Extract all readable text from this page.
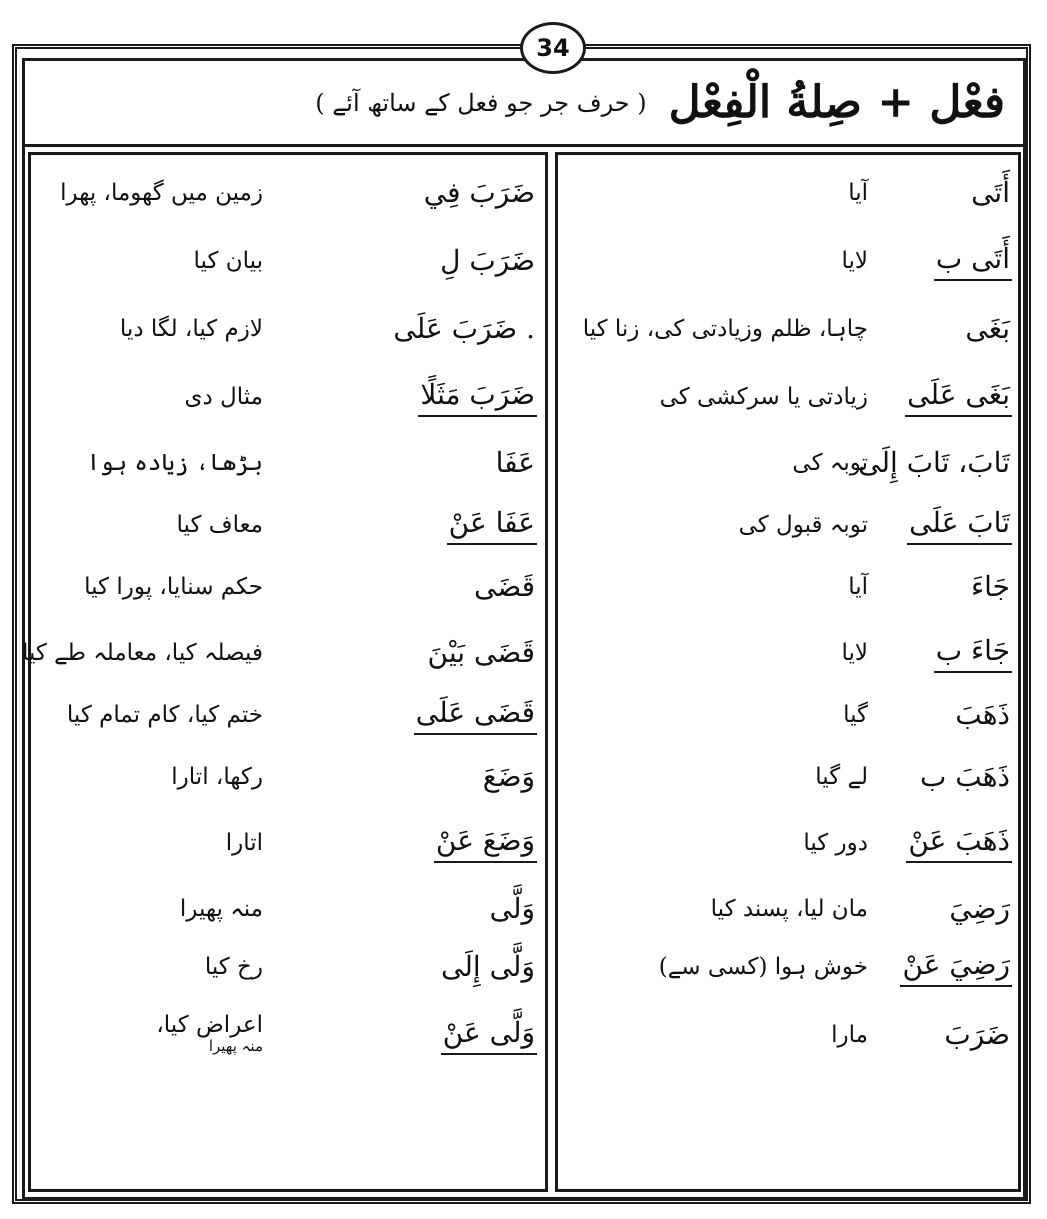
34
فعْل + صِلةُ الْفِعْل
( حرف جر جو فعل کے ساتھ آئے )
أَتَى
آیا
أَتَى ب
لایا
بَغَى
چاہا، ظلم وزیادتی کی، زنا کیا
بَغَى عَلَى
زیادتی یا سرکشی کی
تَابَ، تَابَ إِلَى
توبہ کی
تَابَ عَلَى
توبہ قبول کی
جَاءَ
آیا
جَاءَ ب
لایا
ذَهَبَ
گیا
ذَهَبَ ب
لے گیا
ذَهَبَ عَنْ
دور کیا
رَضِيَ
مان لیا، پسند کیا
رَضِيَ عَنْ
خوش ہوا (کسی سے)
ضَرَبَ
مارا
ضَرَبَ فِي
زمین میں گھوما، پھرا
ضَرَبَ لِ
بیان کیا
. ضَرَبَ عَلَى
لازم کیا، لگا دیا
ضَرَبَ مَثَلًا
مثال دی
عَفَا
بڑھا، زیادہ ہوا
عَفَا عَنْ
معاف کیا
قَضَى
حکم سنایا، پورا کیا
قَضَى بَيْنَ
فیصلہ کیا، معاملہ طے کیا
قَضَى عَلَى
ختم کیا، کام تمام کیا
وَضَعَ
رکھا، اتارا
وَضَعَ عَنْ
اتارا
وَلَّى
منہ پھیرا
وَلَّى إِلَى
رخ کیا
وَلَّى عَنْ
اعراض کیا،
منہ پھیرا
